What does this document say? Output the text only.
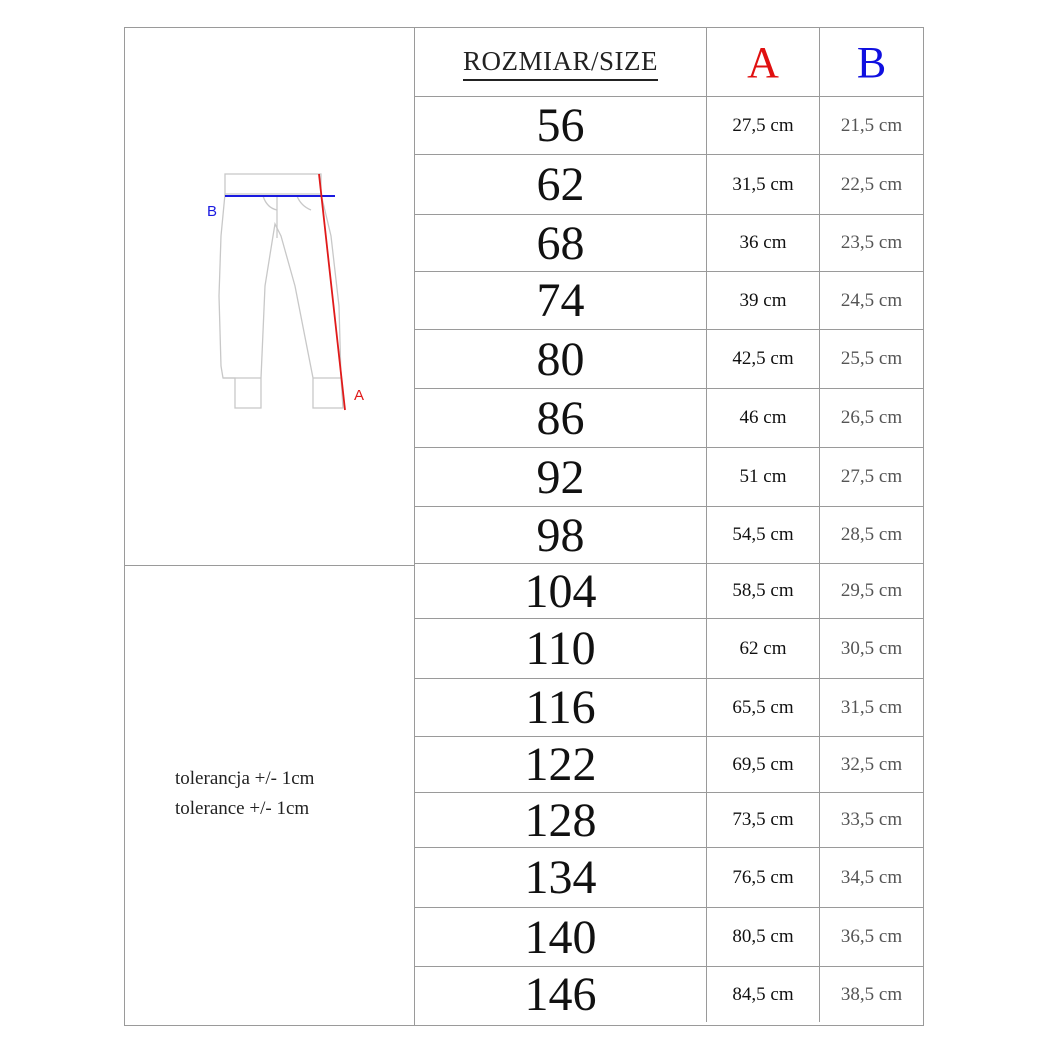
B
A
tolerancja +/- 1cm
tolerance +/- 1cm
ROZMIAR/SIZE A B
56	27,5 cm 21,5 cm
62	31,5 cm 22,5 cm
68	36 cm	23,5 cm
74	39 cm	24,5 cm
80	42,5 cm 25,5 cm
86	46 cm	26,5 cm
92	51 cm	27,5 cm
98	54,5 cm 28,5 cm
104	58,5 cm 29,5 cm
110	62 cm	30,5 cm
116	65,5 cm 31,5 cm
122	69,5 cm 32,5 cm
128	73,5 cm 33,5 cm
134	76,5 cm 34,5 cm
140	80,5 cm 36,5 cm
146	84,5 cm 38,5 cm
